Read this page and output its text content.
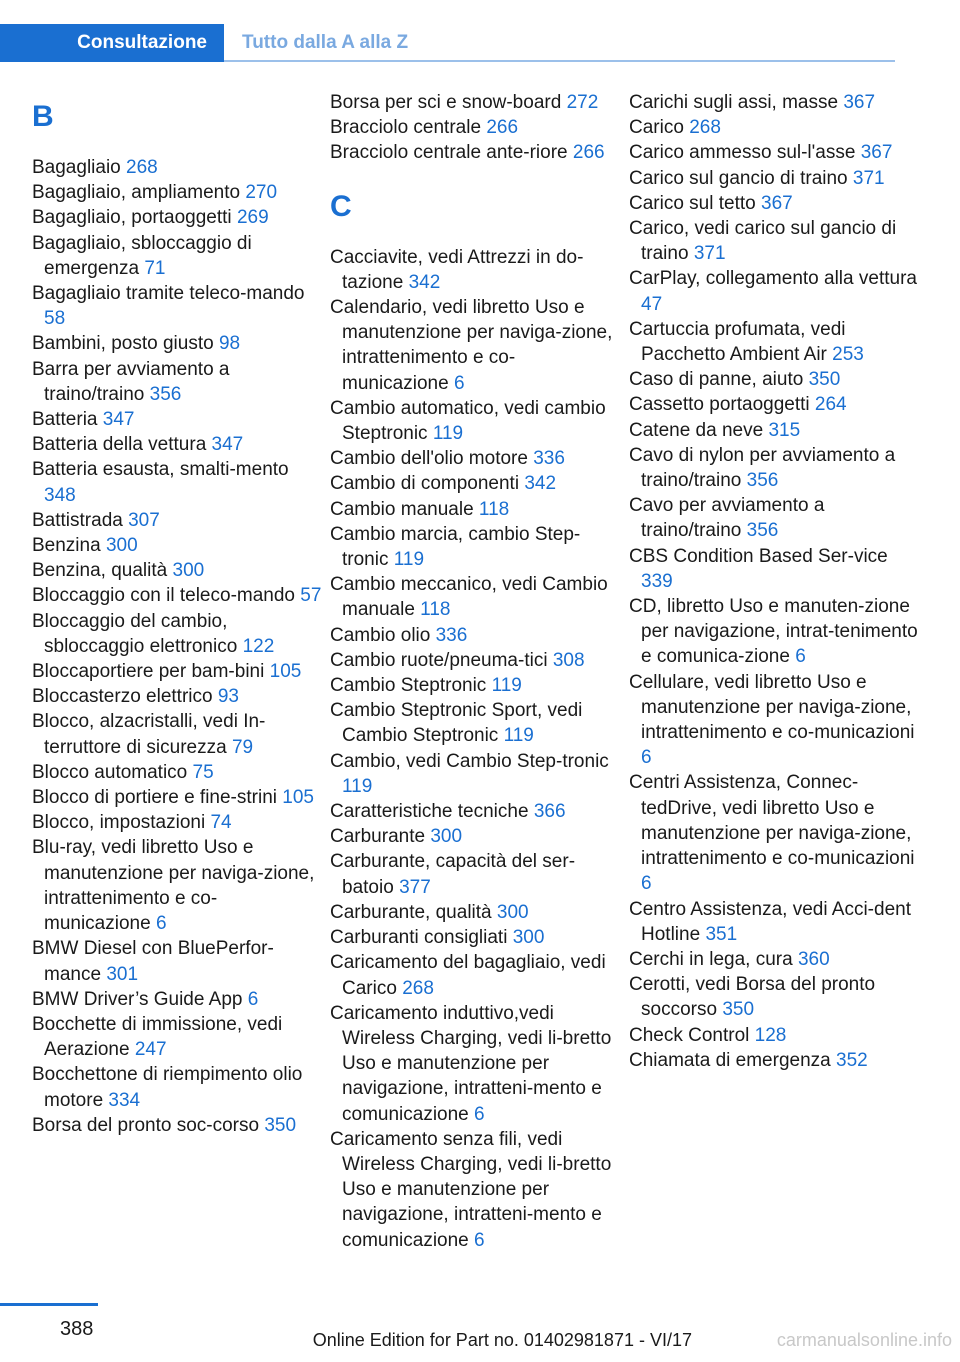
Consultazione	Tutto dalla A alla Z
B
Bagagliaio 268
Bagagliaio, ampliamento 270
Bagagliaio, portaoggetti 269
Bagagliaio, sbloccaggio di emergenza 71
Bagagliaio tramite teleco‐mando 58
Bambini, posto giusto 98
Barra per avviamento a traino/traino 356
Batteria 347
Batteria della vettura 347
Batteria esausta, smalti‐mento 348
Battistrada 307
Benzina 300
Benzina, qualità 300
Bloccaggio con il teleco‐mando 57
Bloccaggio del cambio, sbloccaggio elettronico 122
Bloccaportiere per bam‐bini 105
Bloccasterzo elettrico 93
Blocco, alzacristalli, vedi In‐terruttore di sicurezza 79
Blocco automatico 75
Blocco di portiere e fine‐strini 105
Blocco, impostazioni 74
Blu-ray, vedi libretto Uso e manutenzione per naviga‐zione, intrattenimento e co‐municazione 6
BMW Diesel con BluePerfor‐mance 301
BMW Driver’s Guide App 6
Bocchette di immissione, vedi Aerazione 247
Bocchettone di riempimento olio motore 334
Borsa del pronto soc‐corso 350
Borsa per sci e snow‐board 272
Bracciolo centrale 266
Bracciolo centrale ante‐riore 266
C
Cacciavite, vedi Attrezzi in do‐tazione 342
Calendario, vedi libretto Uso e manutenzione per naviga‐zione, intrattenimento e co‐municazione 6
Cambio automatico, vedi cambio Steptronic 119
Cambio dell'olio motore 336
Cambio di componenti 342
Cambio manuale 118
Cambio marcia, cambio Step‐tronic 119
Cambio meccanico, vedi Cambio manuale 118
Cambio olio 336
Cambio ruote/pneuma‐tici 308
Cambio Steptronic 119
Cambio Steptronic Sport, vedi Cambio Steptronic 119
Cambio, vedi Cambio Step‐tronic 119
Caratteristiche tecniche 366
Carburante 300
Carburante, capacità del ser‐batoio 377
Carburante, qualità 300
Carburanti consigliati 300
Caricamento del bagagliaio, vedi Carico 268
Caricamento induttivo,vedi Wireless Charging, vedi li‐bretto Uso e manutenzione per navigazione, intratteni‐mento e comunicazione 6
Caricamento senza fili, vedi Wireless Charging, vedi li‐bretto Uso e manutenzione per navigazione, intratteni‐mento e comunicazione 6
Carichi sugli assi, masse 367
Carico 268
Carico ammesso sul‐l'asse 367
Carico sul gancio di traino 371
Carico sul tetto 367
Carico, vedi carico sul gancio di traino 371
CarPlay, collegamento alla vettura 47
Cartuccia profumata, vedi Pacchetto Ambient Air 253
Caso di panne, aiuto 350
Cassetto portaoggetti 264
Catene da neve 315
Cavo di nylon per avviamento a traino/traino 356
Cavo per avviamento a traino/traino 356
CBS Condition Based Ser‐vice 339
CD, libretto Uso e manuten‐zione per navigazione, intrat‐tenimento e comunica‐zione 6
Cellulare, vedi libretto Uso e manutenzione per naviga‐zione, intrattenimento e co‐municazioni 6
Centri Assistenza, Connec‐tedDrive, vedi libretto Uso e manutenzione per naviga‐zione, intrattenimento e co‐municazioni 6
Centro Assistenza, vedi Acci‐dent Hotline 351
Cerchi in lega, cura 360
Cerotti, vedi Borsa del pronto soccorso 350
Check Control 128
Chiamata di emergenza 352
388	Online Edition for Part no. 01402981871 - VI/17	carmanualsonline.info
